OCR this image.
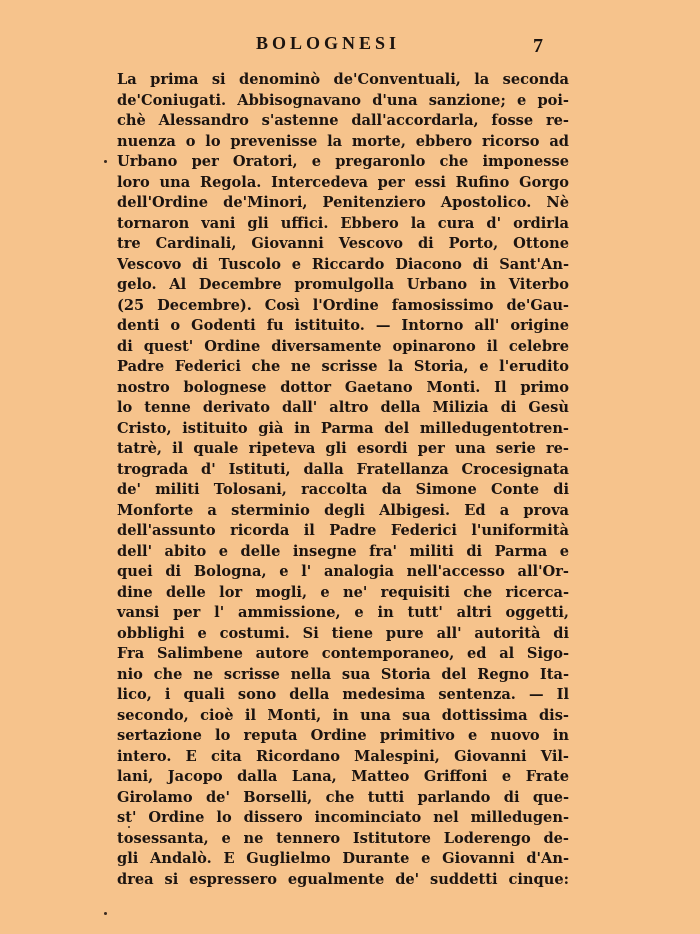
BOLOGNESI	7
La prima si denominò de'Conventuali, la seconda
de'Coniugati. Abbisognavano d'una sanzione; e poi-
chè Alessandro s'astenne dall'accordarla, fosse re-
nuenza o lo prevenisse la morte, ebbero ricorso ad
Urbano per Oratori, e pregaronlo che imponesse
loro una Regola. Intercedeva per essi Rufino Gorgo
dell'Ordine de'Minori, Penitenziero Apostolico. Nè
tornaron vani gli uffici. Ebbero la cura d' ordirla
tre Cardinali, Giovanni Vescovo di Porto, Ottone
Vescovo di Tuscolo e Riccardo Diacono di Sant'An-
gelo. Al Decembre promulgolla Urbano in Viterbo
(25 Decembre). Così l'Ordine famosissimo de'Gau-
denti o Godenti fu istituito. — Intorno all' origine
di quest' Ordine diversamente opinarono il celebre
Padre Federici che ne scrisse la Storia, e l'erudito
nostro bolognese dottor Gaetano Monti. Il primo
lo tenne derivato dall' altro della Milizia di Gesù
Cristo, istituito già in Parma del milledugentotren-
tatrè, il quale ripeteva gli esordi per una serie re-
trograda d' Istituti, dalla Fratellanza Crocesignata
de' militi Tolosani, raccolta da Simone Conte di
Monforte a sterminio degli Albigesi. Ed a prova
dell'assunto ricorda il Padre Federici l'uniformità
dell' abito e delle insegne fra' militi di Parma e
quei di Bologna, e l' analogia nell'accesso all'Or-
dine delle lor mogli, e ne' requisiti che ricerca-
vansi per l' ammissione, e in tutt' altri oggetti,
obblighi e costumi. Si tiene pure all' autorità di
Fra Salimbene autore contemporaneo, ed al Sigo-
nio che ne scrisse nella sua Storia del Regno Ita-
lico, i quali sono della medesima sentenza. — Il
secondo, cioè il Monti, in una sua dottissima dis-
sertazione lo reputa Ordine primitivo e nuovo in
intero. E cita Ricordano Malespini, Giovanni Vil-
lani, Jacopo dalla Lana, Matteo Griffoni e Frate
Girolamo de' Borselli, che tutti parlando di que-
st' Ordine lo dissero incominciato nel milledugen-
tosessanta, e ne tennero Istitutore Loderengo de-
gli Andalò. E Guglielmo Durante e Giovanni d'An-
drea si espressero egualmente de' suddetti cinque:
